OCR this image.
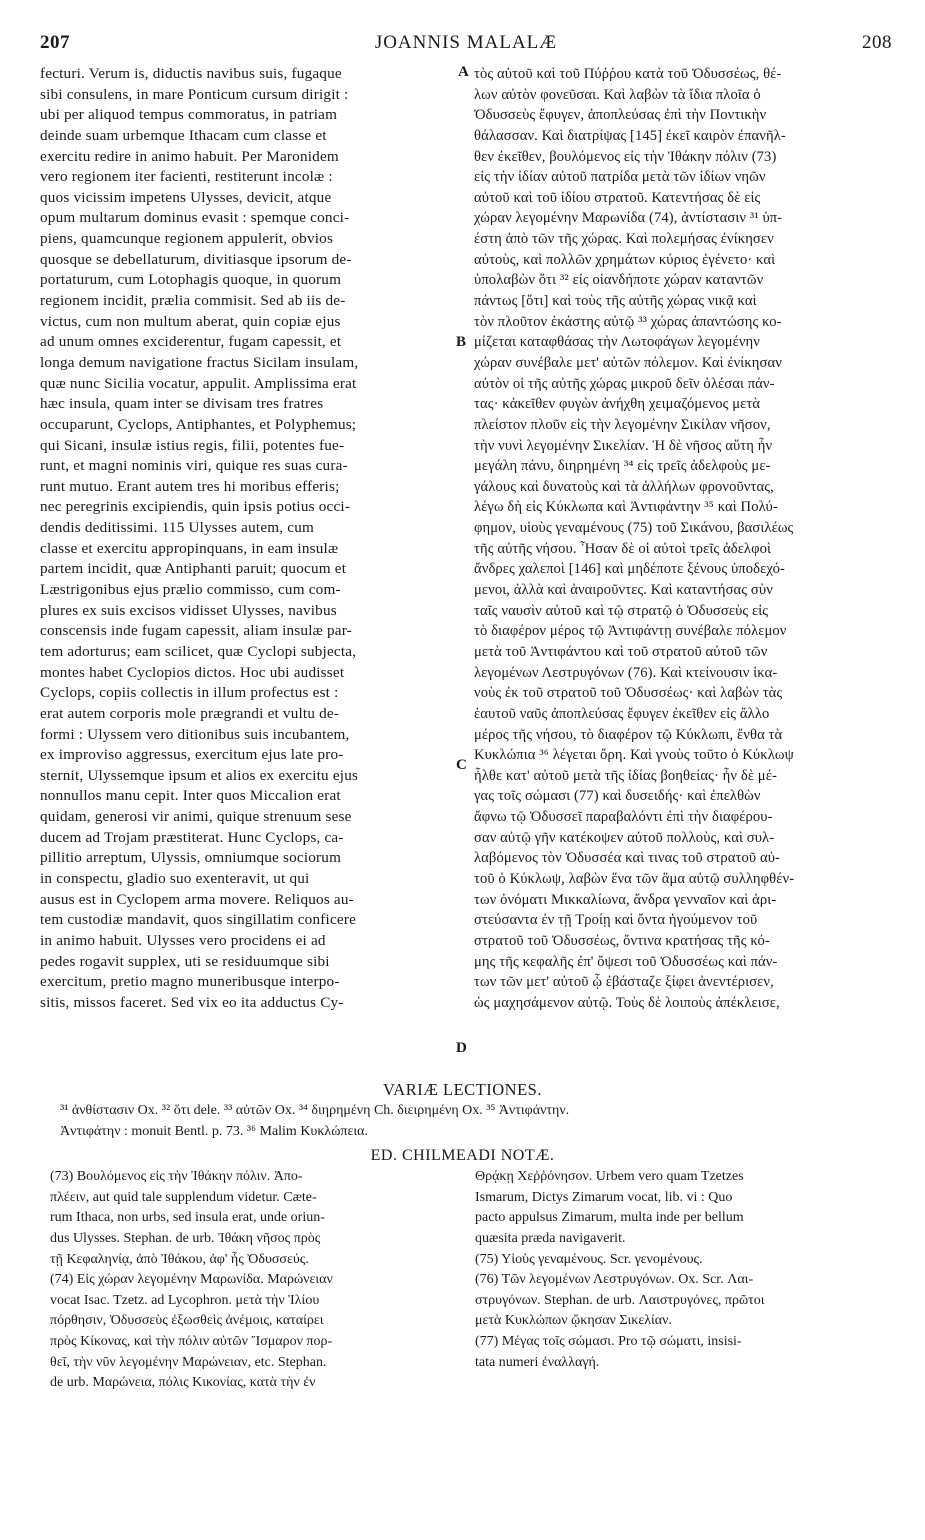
207	JOANNIS MALALÆ	208
fecturi. Verum is, diductis navibus suis, fugaque
sibi consulens, in mare Ponticum cursum dirigit :
ubi per aliquod tempus commoratus, in patriam
deinde suam urbemque Ithacam cum classe et
exercitu redire in animo habuit. Per Maronidem
vero regionem iter facienti, restiterunt incolæ :
quos vicissim impetens Ulysses, devicit, atque
opum multarum dominus evasit : spemque conci-
piens, quamcunque regionem appulerit, obvios
quosque se debellaturum, divitiasque ipsorum de-
portaturum, cum Lotophagis quoque, in quorum
regionem incidit, prælia commisit. Sed ab iis de-
victus, cum non multum aberat, quin copiæ ejus
ad unum omnes exciderentur, fugam capessit, et
longa demum navigatione fractus Sicilam insulam,
quæ nunc Sicilia vocatur, appulit. Amplissima erat
hæc insula, quam inter se divisam tres fratres
occuparunt, Cyclops, Antiphantes, et Polyphemus;
qui Sicani, insulæ istius regis, filii, potentes fue-
runt, et magni nominis viri, quique res suas cura-
runt mutuo. Erant autem tres hi moribus efferis;
nec peregrinis excipiendis, quin ipsis potius occi-
dendis deditissimi. 115 Ulysses autem, cum
classe et exercitu appropinquans, in eam insulæ
partem incidit, quæ Antiphanti paruit; quocum et
Læstrigonibus ejus prælio commisso, cum com-
plures ex suis excisos vidisset Ulysses, navibus
conscensis inde fugam capessit, aliam insulæ par-
tem adorturus; eam scilicet, quæ Cyclopi subjecta,
montes habet Cyclopios dictos. Hoc ubi audisset
Cyclops, copiis collectis in illum profectus est :
erat autem corporis mole prægrandi et vultu de-
formi : Ulyssem vero ditionibus suis incubantem,
ex improviso aggressus, exercitum ejus late pro-
sternit, Ulyssemque ipsum et alios ex exercitu ejus
nonnullos manu cepit. Inter quos Miccalion erat
quidam, generosi vir animi, quique strenuum sese
ducem ad Trojam præstiterat. Hunc Cyclops, ca-
pillitio arreptum, Ulyssis, omniumque sociorum
in conspectu, gladio suo exenteravit, ut qui
ausus est in Cyclopem arma movere. Reliquos au-
tem custodiæ mandavit, quos singillatim conficere
in animo habuit. Ulysses vero procidens ei ad
pedes rogavit supplex, uti se residuumque sibi
exercitum, pretio magno muneribusque interpo-
sitis, missos faceret. Sed vix eo ita adductus Cy-
τὸς αὐτοῦ καὶ τοῦ Πύῤῥου κατὰ τοῦ Ὀδυσσέως, θέ-
λων αὐτὸν φονεῦσαι. Καὶ λαβὼν τὰ ἴδια πλοῖα ὁ
Ὀδυσσεὺς ἔφυγεν, ἀποπλεύσας ἐπὶ τὴν Ποντικὴν
θάλασσαν. Καὶ διατρίψας [145] ἐκεῖ καιρὸν ἐπανῆλ-
θεν ἐκεῖθεν, βουλόμενος εἰς τὴν Ἰθάκην πόλιν (73)
εἰς τὴν ἰδίαν αὐτοῦ πατρίδα μετὰ τῶν ἰδίων νηῶν
αὐτοῦ καὶ τοῦ ἰδίου στρατοῦ. Κατεντήσας δὲ εἰς
χώραν λεγομένην Μαρωνίδα (74), ἀντίστασιν ³¹ ὑπ-
έστη ἀπὸ τῶν τῆς χώρας. Καὶ πολεμήσας ἐνίκησεν
αὐτοὺς, καὶ πολλῶν χρημάτων κύριος ἐγένετο· καὶ
ὑπολαβὼν ὅτι ³² εἰς οἱανδήποτε χώραν καταντῶν
πάντως [ὅτι] καὶ τοὺς τῆς αὐτῆς χώρας νικᾷ καὶ
τὸν πλοῦτον ἑκάστης αὐτῷ ³³ χώρας ἀπαντώσης κο-
μίζεται καταφθάσας τὴν Λωτοφάγων λεγομένην
χώραν συνέβαλε μετ' αὐτῶν πόλεμον. Καὶ ἐνίκησαν
αὐτὸν οἱ τῆς αὐτῆς χώρας μικροῦ δεῖν ὀλέσαι πάν-
τας· κἀκεῖθεν φυγὼν ἀνήχθη χειμαζόμενος μετὰ
πλείστον πλοῦν εἰς τὴν λεγομένην Σικίλαν νῆσον,
τὴν νυνὶ λεγομένην Σικελίαν. Ἡ δὲ νῆσος αὕτη ἦν
μεγάλη πάνυ, διηρημένη ³⁴ εἰς τρεῖς ἀδελφοὺς με-
γάλους καὶ δυνατοὺς καὶ τὰ ἀλλήλων φρονοῦντας,
λέγω δὴ εἰς Κύκλωπα καὶ Ἀντιφάντην ³⁵ καὶ Πολύ-
φημον, υἱοὺς γεναμένους (75) τοῦ Σικάνου, βασιλέως
τῆς αὐτῆς νήσου. Ἦσαν δὲ οἱ αὐτοὶ τρεῖς ἀδελφοὶ
ἄνδρες χαλεποὶ [146] καὶ μηδέποτε ξένους ὑποδεχό-
μενοι, ἀλλὰ καὶ ἀναιροῦντες. Καὶ καταντήσας σὺν
ταῖς ναυσὶν αὐτοῦ καὶ τῷ στρατῷ ὁ Ὀδυσσεὺς εἰς
τὸ διαφέρον μέρος τῷ Ἀντιφάντῃ συνέβαλε πόλεμον
μετὰ τοῦ Ἀντιφάντου καὶ τοῦ στρατοῦ αὐτοῦ τῶν
λεγομένων Λεστρυγόνων (76). Καὶ κτείνουσιν ἱκα-
νοὺς ἐκ τοῦ στρατοῦ τοῦ Ὀδυσσέως· καὶ λαβὼν τὰς
ἑαυτοῦ ναῦς ἀποπλεύσας ἔφυγεν ἐκεῖθεν εἰς ἄλλο
μέρος τῆς νήσου, τὸ διαφέρον τῷ Κύκλωπι, ἔνθα τὰ
Κυκλώπια ³⁶ λέγεται ὄρη. Καὶ γνοὺς τοῦτο ὁ Κύκλωψ
ἦλθε κατ' αὐτοῦ μετὰ τῆς ἰδίας βοηθείας· ἦν δὲ μέ-
γας τοῖς σώμασι (77) καὶ δυσειδής· καὶ ἐπελθὼν
ἄφνω τῷ Ὀδυσσεῖ παραβαλόντι ἐπὶ τὴν διαφέρου-
σαν αὐτῷ γῆν κατέκοψεν αὐτοῦ πολλοὺς, καὶ συλ-
λαβόμενος τὸν Ὀδυσσέα καὶ τινας τοῦ στρατοῦ αὐ-
τοῦ ὁ Κύκλωψ, λαβὼν ἕνα τῶν ἅμα αὐτῷ συλληφθέν-
των ὀνόματι Μικκαλίωνα, ἄνδρα γενναῖον καὶ ἀρι-
στεύσαντα ἐν τῇ Τροίῃ καὶ ὄντα ἡγούμενον τοῦ
στρατοῦ τοῦ Ὀδυσσέως, ὄντινα κρατήσας τῆς κό-
μης τῆς κεφαλῆς ἐπ' ὄψεσι τοῦ Ὀδυσσέως καὶ πάν-
των τῶν μετ' αὐτοῦ ᾧ ἐβάσταζε ξίφει ἀνεντέρισεν,
ὡς μαχησάμενον αὐτῷ. Τοὺς δὲ λοιποὺς ἀπέκλεισε,
A
B
C
D
VARIÆ LECTIONES.
³¹ ἀνθίστασιν Ox. ³² ὅτι dele. ³³ αὐτῶν Ox. ³⁴ διηρημένη Ch. διειρημένη Ox. ³⁵ Ἀντιφάντην.
Ἀντιφάτην : monuit Bentl. p. 73. ³⁶ Malim Κυκλώπεια.
ED. CHILMEADI NOTÆ.
(73) Βουλόμενος εἰς τὴν Ἰθάκην πόλιν. Ἀπο-
πλέειν, aut quid tale supplendum videtur. Cæte-
rum Ithaca, non urbs, sed insula erat, unde oriun-
dus Ulysses. Stephan. de urb. Ἰθάκη νῆσος πρὸς
τῇ Κεφαληνίᾳ, ἀπὸ Ἰθάκου, ἀφ' ἧς Ὀδυσσεύς.
(74) Εἰς χώραν λεγομένην Μαρωνίδα. Μαρώνειαν
vocat Isac. Tzetz. ad Lycophron. μετὰ τὴν Ἰλίου
πόρθησιν, Ὀδυσσεὺς ἐξωσθεὶς ἀνέμοις, καταίρει
πρὸς Κίκονας, καὶ τὴν πόλιν αὐτῶν Ἴσμαρον πορ-
θεῖ, τὴν νῦν λεγομένην Μαρώνειαν, etc. Stephan.
de urb. Μαρώνεια, πόλις Κικονίας, κατὰ τὴν ἐν
Θρᾴκῃ Χεῤῥόνησον. Urbem vero quam Tzetzes
Ismarum, Dictys Zimarum vocat, lib. vi : Quo
pacto appulsus Zimarum, multa inde per bellum
quæsita præda navigaverit.
(75) Υἱοὺς γεναμένους. Scr. γενομένους.
(76) Τῶν λεγομένων Λεστρυγόνων. Ox. Scr. Λαι-
στρυγόνων. Stephan. de urb. Λαιστρυγόνες, πρῶτοι
μετὰ Κυκλώπων ᾤκησαν Σικελίαν.
(77) Μέγας τοῖς σώμασι. Pro τῷ σώματι, insisi-
tata numeri ἐναλλαγή.
